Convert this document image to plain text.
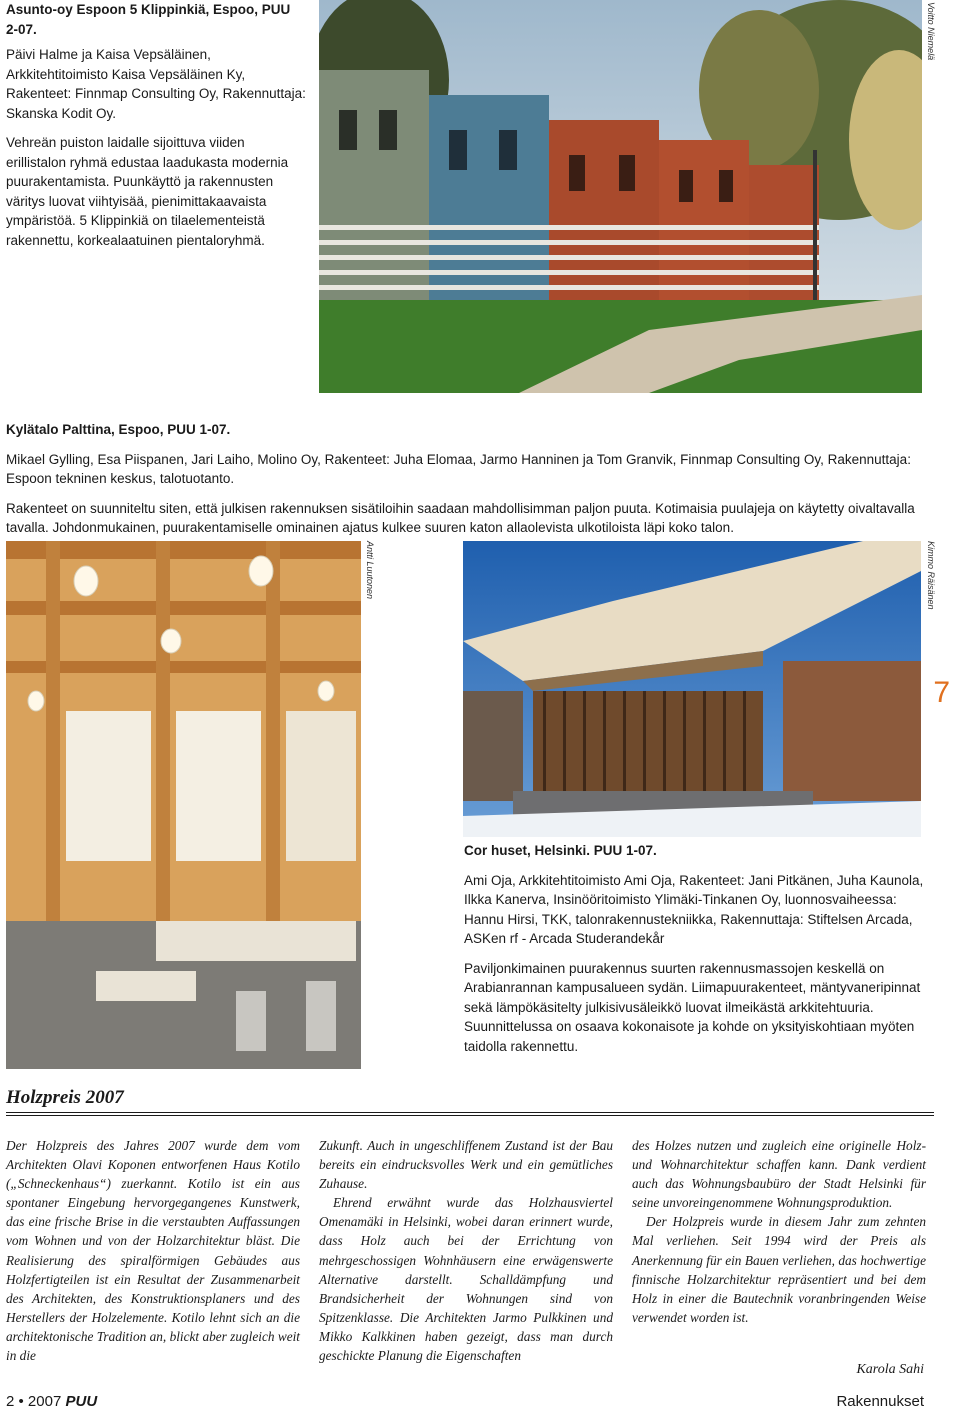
Asunto-oy Espoon 5 Klippinkiä, Espoo, PUU 2-07.

Päivi Halme ja Kaisa Vepsäläinen, Arkkitehtitoimisto Kaisa Vepsäläinen Ky, Rakenteet: Finnmap Consulting Oy, Rakennuttaja: Skanska Kodit Oy.

Vehreän puiston laidalle sijoittuva viiden erillistalon ryhmä edustaa laadukasta modernia puurakentamista. Puunkäyttö ja rakennusten väritys luovat viihtyisää, pienimittakaavaista ympäristöä. 5 Klippinkiä on tilaelementeistä rakennettu, korkealaatuinen pientaloryhmä.

Voitto Niemelä

Kylätalo Palttina, Espoo, PUU 1-07.

Mikael Gylling, Esa Piispanen, Jari Laiho, Molino Oy, Rakenteet: Juha Elomaa, Jarmo Hanninen ja Tom Granvik, Finnmap Consulting Oy, Rakennuttaja: Espoon tekninen keskus, talotuotanto.

Rakenteet on suunniteltu siten, että julkisen rakennuksen sisätiloihin saadaan mahdollisimman paljon puuta. Kotimaisia puulajeja on käytetty oivaltavalla tavalla. Johdonmukainen, puurakentamiselle ominainen ajatus kulkee suuren katon allaolevista ulkotiloista läpi koko talon.

Antti Luutonen	Kimmo Räisänen
7

Cor huset, Helsinki. PUU 1-07.

Ami Oja, Arkkitehtitoimisto Ami Oja, Rakenteet: Jani Pitkänen, Juha Kaunola, Ilkka Kanerva, Insinööritoimisto Ylimäki-Tinkanen Oy, luonnosvaiheessa: Hannu Hirsi, TKK, talonrakennustekniikka, Rakennuttaja: Stiftelsen Arcada, ASKen rf - Arcada Studerandekår

Paviljonkimainen puurakennus suurten rakennusmassojen keskellä on Arabianrannan kampusalueen sydän. Liimapuurakenteet, mäntyvaneripinnat sekä lämpökäsitelty julkisivusäleikkö luovat ilmeikästä arkkitehtuuria. Suunnittelussa on osaava kokonaisote ja kohde on yksityiskohtiaan myöten taidolla rakennettu.

Holzpreis 2007

Der Holzpreis des Jahres 2007 wurde dem vom Architekten Olavi Koponen entworfenen Haus Kotilo („Schneckenhaus“) zuerkannt. Kotilo ist ein aus spontaner Eingebung hervorgegangenes Kunstwerk, das eine frische Brise in die verstaubten Auffassungen vom Wohnen und von der Holzarchitektur bläst. Die Realisierung des spiralförmigen Gebäudes aus Holzfertigteilen ist ein Resultat der Zusammenarbeit des Architekten, des Konstruktionsplaners und des Herstellers der Holzelemente. Kotilo lehnt sich an die architektonische Tradition an, blickt aber zugleich weit in die

Zukunft. Auch in ungeschliffenem Zustand ist der Bau bereits ein eindrucksvolles Werk und ein gemütliches Zuhause.

Ehrend erwähnt wurde das Holzhausviertel Omenamäki in Helsinki, wobei daran erinnert wurde, dass Holz auch bei der Errichtung von mehrgeschossigen Wohnhäusern eine erwägenswerte Alternative darstellt. Schalldämpfung und Brandsicherheit der Wohnungen sind von Spitzenklasse. Die Architekten Jarmo Pulkkinen und Mikko Kalkkinen haben gezeigt, dass man durch geschickte Planung die Eigenschaften

des Holzes nutzen und zugleich eine originelle Holz- und Wohnarchitektur schaffen kann. Dank verdient auch das Wohnungsbaubüro der Stadt Helsinki für seine unvoreingenommene Wohnungsproduktion.

Der Holzpreis wurde in diesem Jahr zum zehnten Mal verliehen. Seit 1994 wird der Preis als Anerkennung für ein Bauen verliehen, das hochwertige finnische Holzarchitektur repräsentiert und bei dem Holz in einer die Bautechnik voranbringenden Weise verwendet worden ist.

Karola Sahi
2 • 2007 PUU	Rakennukset
